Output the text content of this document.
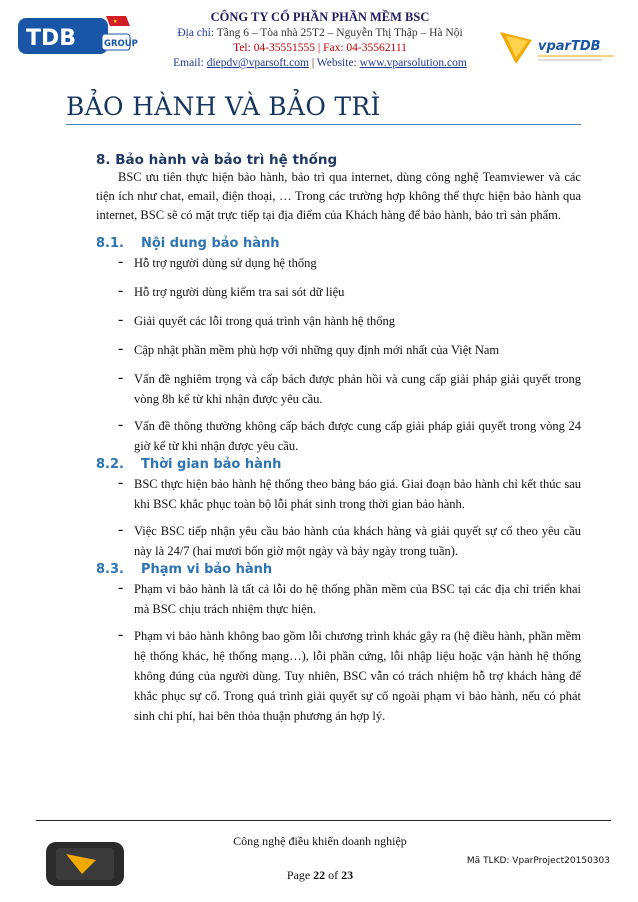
TDB	GROUP
CÔNG TY CỔ PHẦN PHẦN MỀM BSC
Địa chỉ: Tầng 6 – Tòa nhà 25T2 – Nguyễn Thị Thập – Hà Nội
Tel: 04-35551555 | Fax: 04-35562111
Email: diepdv@vparsoft.com | Website: www.vparsolution.com
vparTDB
BẢO HÀNH VÀ BẢO TRÌ
8. Bảo hành và bảo trì hệ thống
BSC ưu tiên thực hiện bảo hành, bảo trì qua internet, dùng công nghệ Teamviewer và các tiện ích như chat, email, điện thoại, … Trong các trường hợp không thể thực hiện bảo hành qua internet, BSC sẽ có mặt trực tiếp tại địa điểm của Khách hàng để bảo hành, bảo trì sản phẩm.
8.1. Nội dung bảo hành
- Hỗ trợ người dùng sử dụng hệ thống
- Hỗ trợ người dùng kiểm tra sai sót dữ liệu
- Giải quyết các lỗi trong quá trình vận hành hệ thống
- Cập nhật phần mềm phù hợp với những quy định mới nhất của Việt Nam
- Vấn đề nghiêm trọng và cấp bách được phản hồi và cung cấp giải pháp giải quyết trong vòng 8h kể từ khi nhận được yêu cầu.
- Vấn đề thông thường không cấp bách được cung cấp giải pháp giải quyết trong vòng 24 giờ kể từ khi nhận được yêu cầu.
8.2. Thời gian bảo hành
- BSC thực hiện bảo hành hệ thống theo bảng báo giá. Giai đoạn bảo hành chỉ kết thúc sau khi BSC khắc phục toàn bộ lỗi phát sinh trong thời gian bảo hành.
- Việc BSC tiếp nhận yêu cầu bảo hành của khách hàng và giải quyết sự cố theo yêu cầu này là 24/7 (hai mươi bốn giờ một ngày và bảy ngày trong tuần).
8.3. Phạm vi bảo hành
- Phạm vi bảo hành là tất cả lỗi do hệ thống phần mềm của BSC tại các địa chỉ triển khai mà BSC chịu trách nhiệm thực hiện.
- Phạm vi bảo hành không bao gồm lỗi chương trình khác gây ra (hệ điều hành, phần mềm hệ thống khác, hệ thống mạng…), lỗi phần cứng, lỗi nhập liệu hoặc vận hành hệ thống không đúng của người dùng. Tuy nhiên, BSC vẫn có trách nhiệm hỗ trợ khách hàng để khắc phục sự cố. Trong quá trình giải quyết sự cố ngoài phạm vi bảo hành, nếu có phát sinh chi phí, hai bên thỏa thuận phương án hợp lý.
Công nghệ điều khiển doanh nghiệp
Mã TLKD: VparProject20150303
Page 22 of 23
